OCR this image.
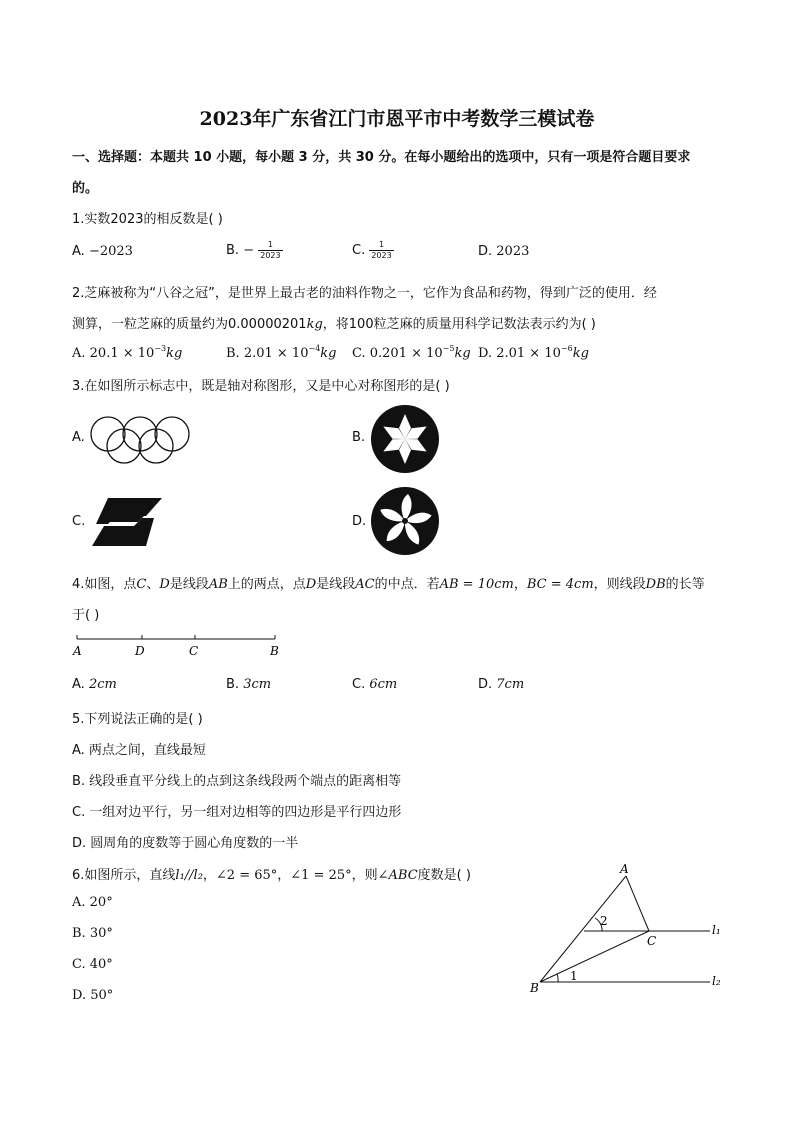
2023年广东省江门市恩平市中考数学三模试卷
一、选择题：本题共 10 小题，每小题 3 分，共 30 分。在每小题给出的选项中，只有一项是符合题目要求
的。
1.实数2023的相反数是( )
A. −2023	B. − $\frac{1}{2023}$	C. $\frac{1}{2023}$	D. 2023
2.芝麻被称为“八谷之冠”，是世界上最古老的油料作物之一，它作为食品和药物，得到广泛的使用．经
测算，一粒芝麻的质量约为0.00000201kg，将100粒芝麻的质量用科学记数法表示约为( )
A. $20.1 \times 10^{-3}kg$	B. $2.01 \times 10^{-4}kg$ C. $0.201 \times 10^{-5}kg$ D. $2.01 \times 10^{-6}kg$
3.在如图所示标志中，既是轴对称图形，又是中心对称图形的是( )
A.	B.
C.	D.
4.如图，点C、D是线段AB上的两点，点D是线段AC的中点．若AB = 10cm，BC = 4cm，则线段DB的长等
于( )
A	D	C	B
A. 2cm	B. 3cm	C. 6cm	D. 7cm
5.下列说法正确的是( )
A. 两点之间，直线最短
B. 线段垂直平分线上的点到这条线段两个端点的距离相等
C. 一组对边平行，另一组对边相等的四边形是平行四边形
D. 圆周角的度数等于圆心角度数的一半
6.如图所示，直线l₁//l₂，∠2 = 65°，∠1 = 25°，则∠ABC度数是( )
A. 20°
B. 30°
C. 40°
D. 50°
A
B
C
2
1
l₁
l₂
